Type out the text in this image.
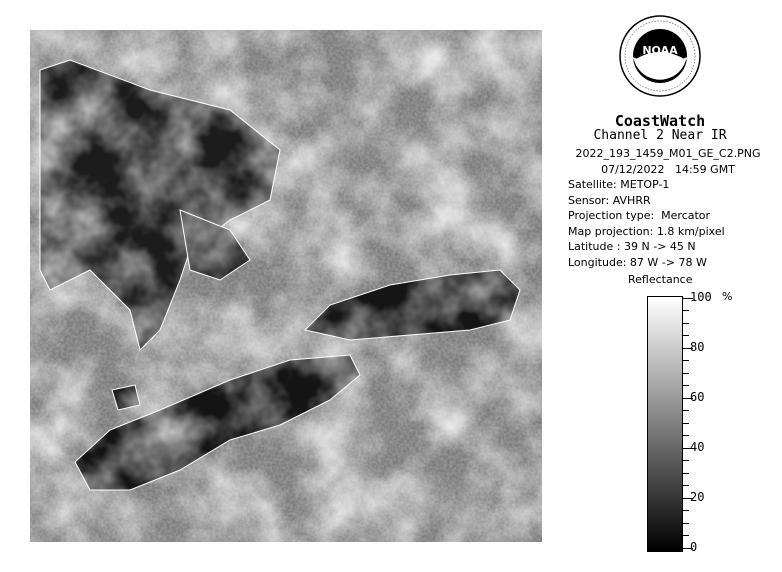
NOAA
CoastWatch
Channel 2 Near IR
2022_193_1459_M01_GE_C2.PNG
07/12/2022   14:59 GMT
Satellite: METOP-1
Sensor: AVHRR
Projection type:  Mercator
Map projection: 1.8 km/pixel
Latitude : 39 N -> 45 N
Longitude: 87 W -> 78 W
Reflectance
%
100
80
60
40
20
0
